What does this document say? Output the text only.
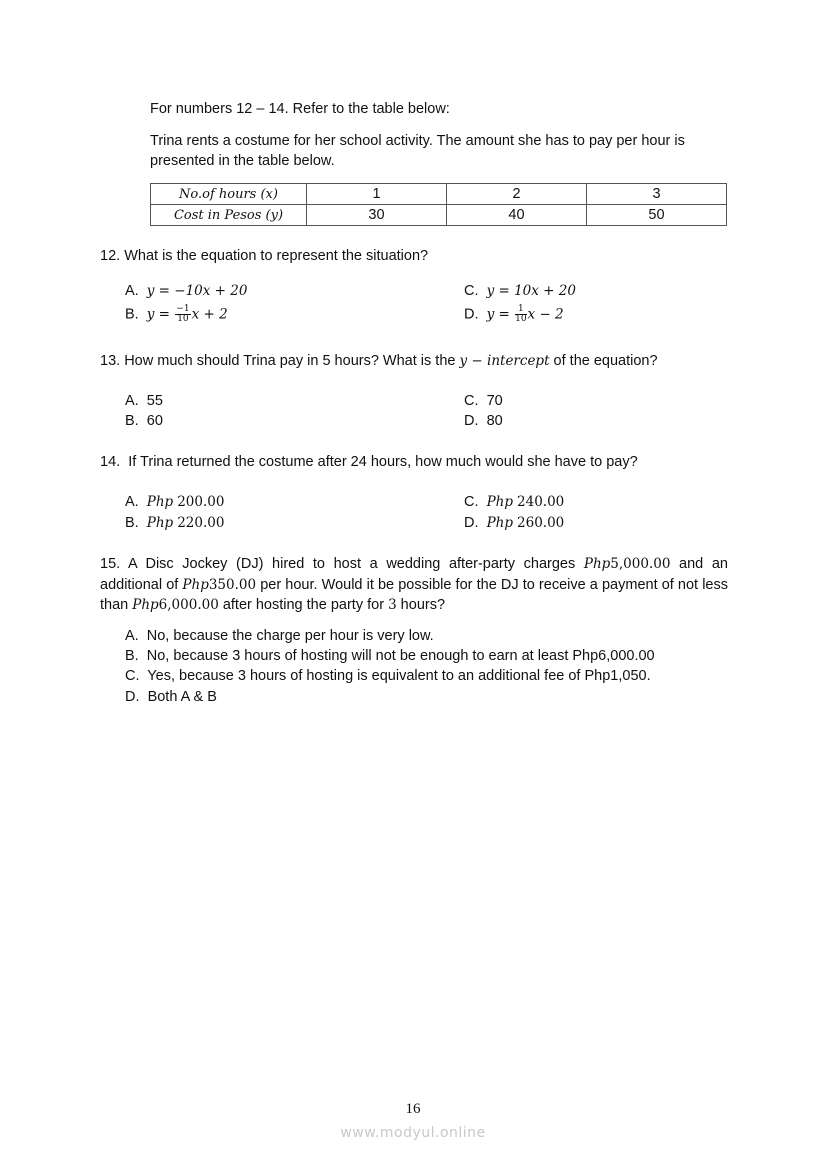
For numbers 12 – 14. Refer to the table below:
Trina rents a costume for her school activity. The amount she has to pay per hour is
presented in the table below.
No.of hours (x)	1	2	3
Cost in Pesos (y)	30	40	50
12. What is the equation to represent the situation?
A. y = −10x + 20
B. $y = \frac{-1}{10}$ x + 2
C. y = 10x + 20
D. $y = \frac{1}{10}$ x − 2
13. How much should Trina pay in 5 hours? What is the y − intercept of the equation?
A. 55
B. 60
C. 70
D. 80
14. If Trina returned the costume after 24 hours, how much would she have to pay?
A. Php 200.00
B. Php 220.00
C. Php 240.00
D. Php 260.00
15. A Disc Jockey (DJ) hired to host a wedding after-party charges Php5,000.00 and an additional of Php350.00 per hour. Would it be possible for the DJ to receive a payment of not less than Php6,000.00 after hosting the party for 3 hours?
A. No, because the charge per hour is very low.
B. No, because 3 hours of hosting will not be enough to earn at least Php6,000.00
C. Yes, because 3 hours of hosting is equivalent to an additional fee of Php1,050.
D. Both A & B
16
www.modyul.online
